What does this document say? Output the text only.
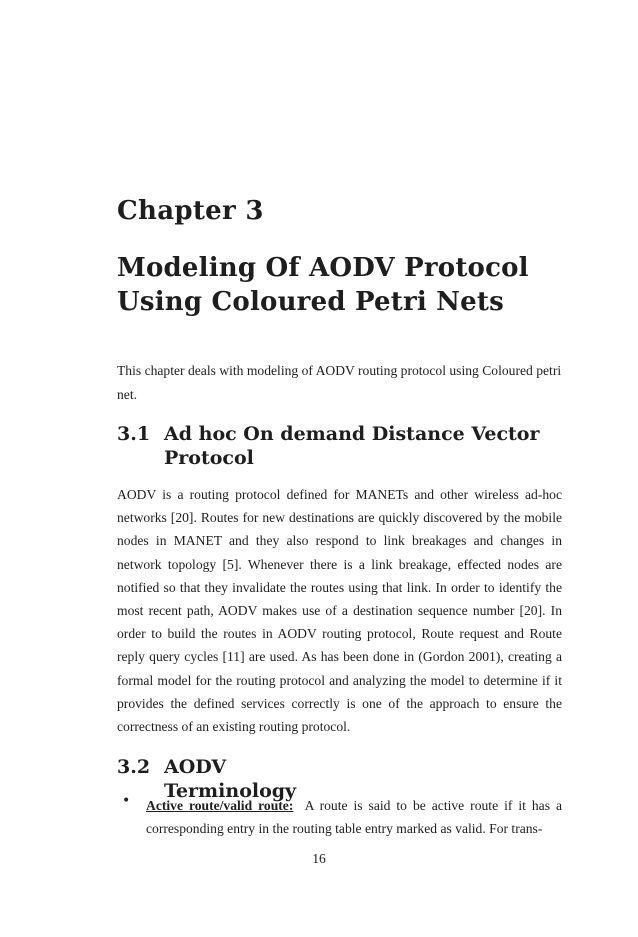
Chapter 3
Modeling Of AODV Protocol
Using Coloured Petri Nets

This chapter deals with modeling of AODV routing protocol using Coloured petri net.

3.1 Ad hoc On demand Distance Vector Protocol

AODV is a routing protocol defined for MANETs and other wireless ad-hoc networks [20]. Routes for new destinations are quickly discovered by the mobile nodes in MANET and they also respond to link breakages and changes in network topology [5]. Whenever there is a link breakage, effected nodes are notified so that they invalidate the routes using that link. In order to identify the most recent path, AODV makes use of a destination sequence number [20]. In order to build the routes in AODV routing protocol, Route request and Route reply query cycles [11] are used. As has been done in (Gordon 2001), creating a formal model for the routing protocol and analyzing the model to determine if it provides the defined services correctly is one of the approach to ensure the correctness of an existing routing protocol.

3.2 AODV Terminology
• Active route/valid route: A route is said to be active route if it has a corresponding entry in the routing table entry marked as valid. For trans-

16
